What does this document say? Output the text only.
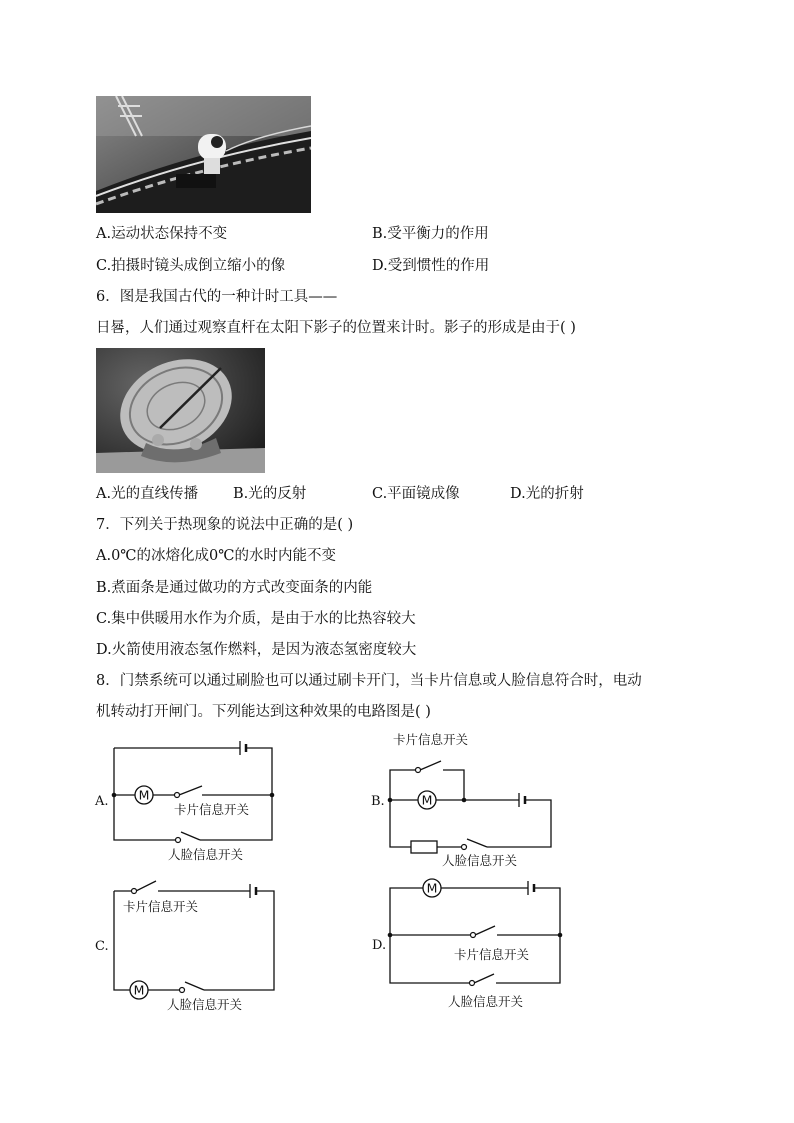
A.运动状态保持不变	B.受平衡力的作用
C.拍摄时镜头成倒立缩小的像	D.受到惯性的作用
6．图是我国古代的一种计时工具——
日晷，人们通过观察直杆在太阳下影子的位置来计时。影子的形成是由于( )
A.光的直线传播 B.光的反射	C.平面镜成像	D.光的折射
7．下列关于热现象的说法中正确的是( )
A.0℃的冰熔化成0℃的水时内能不变
B.煮面条是通过做功的方式改变面条的内能
C.集中供暖用水作为介质，是由于水的比热容较大
D.火箭使用液态氢作燃料，是因为液态氢密度较大
8．门禁系统可以通过刷脸也可以通过刷卡开门，当卡片信息或人脸信息符合时，电动
机转动打开闸门。下列能达到这种效果的电路图是( )
M
A.
卡片信息开关
人脸信息开关
M
B.
卡片信息开关
人脸信息开关
M
C.
卡片信息开关
人脸信息开关
M
D.
卡片信息开关
人脸信息开关
